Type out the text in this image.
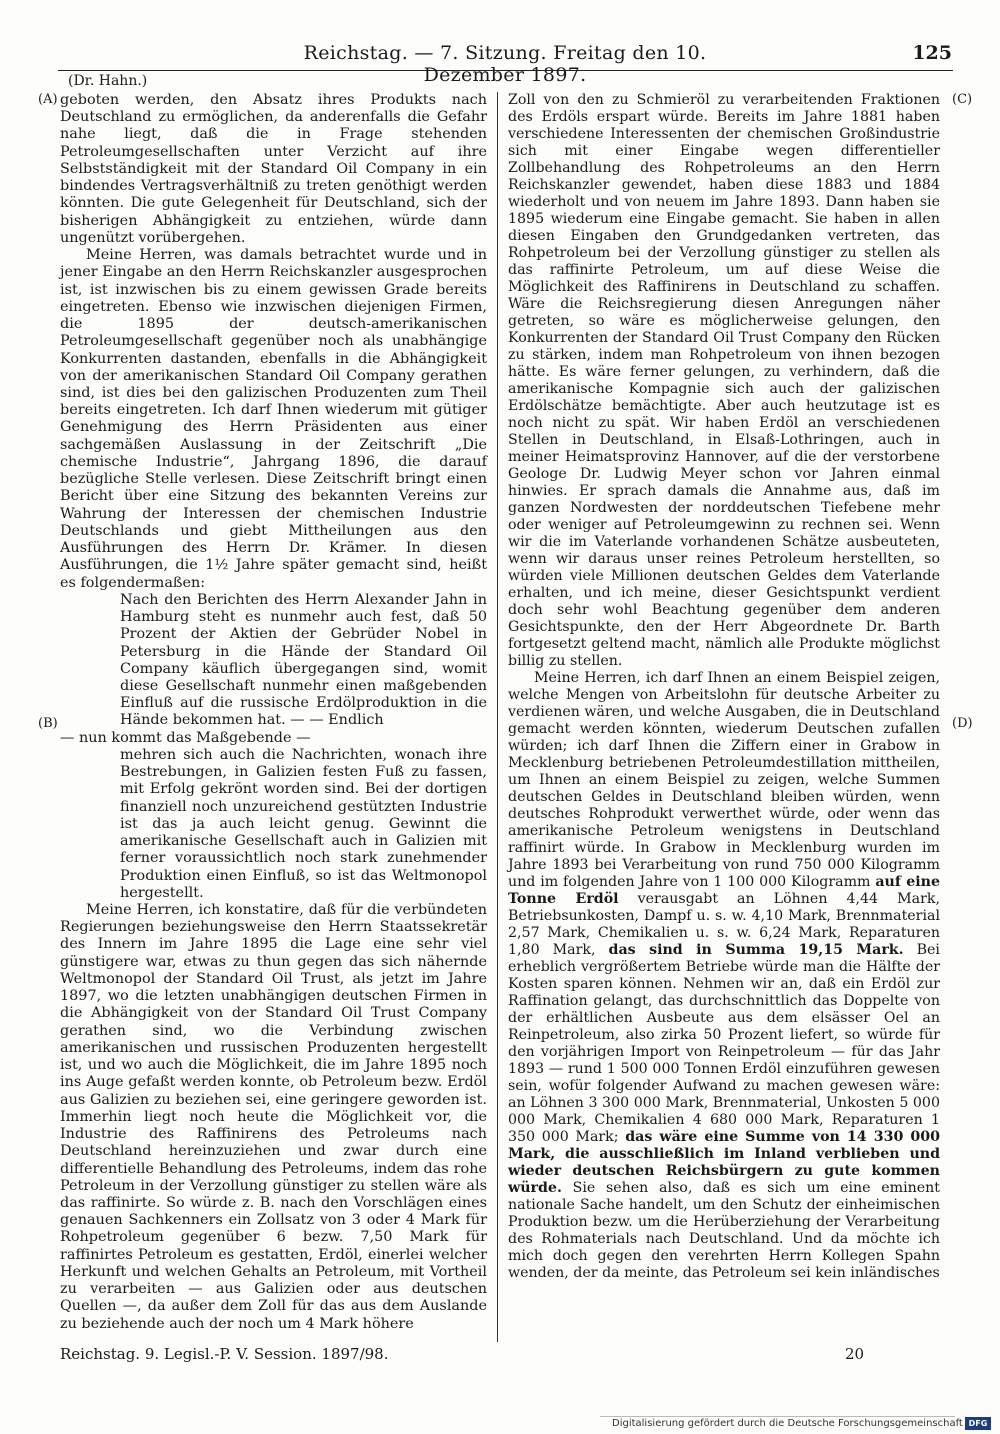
Reichstag. — 7. Sitzung. Freitag den 10. Dezember 1897.
125
(Dr. Hahn.)
(A)
(B)
(C)
(D)

geboten werden, den Absatz ihres Produkts nach Deutschland zu ermöglichen, da anderenfalls die Gefahr nahe liegt, daß die in Frage stehenden Petroleumgesellschaften unter Verzicht auf ihre Selbstständigkeit mit der Standard Oil Company in ein bindendes Vertragsverhältniß zu treten genöthigt werden könnten. Die gute Gelegenheit für Deutschland, sich der bisherigen Abhängigkeit zu entziehen, würde dann ungenützt vorübergehen.

Meine Herren, was damals betrachtet wurde und in jener Eingabe an den Herrn Reichskanzler ausgesprochen ist, ist inzwischen bis zu einem gewissen Grade bereits eingetreten. Ebenso wie inzwischen diejenigen Firmen, die 1895 der deutsch-amerikanischen Petroleumgesellschaft gegenüber noch als unabhängige Konkurrenten dastanden, ebenfalls in die Abhängigkeit von der amerikanischen Standard Oil Company gerathen sind, ist dies bei den galizischen Produzenten zum Theil bereits eingetreten. Ich darf Ihnen wiederum mit gütiger Genehmigung des Herrn Präsidenten aus einer sachgemäßen Auslassung in der Zeitschrift „Die chemische Industrie“, Jahrgang 1896, die darauf bezügliche Stelle verlesen. Diese Zeitschrift bringt einen Bericht über eine Sitzung des bekannten Vereins zur Wahrung der Interessen der chemischen Industrie Deutschlands und giebt Mittheilungen aus den Ausführungen des Herrn Dr. Krämer. In diesen Ausführungen, die 1½ Jahre später gemacht sind, heißt es folgendermaßen:

Nach den Berichten des Herrn Alexander Jahn in Hamburg steht es nunmehr auch fest, daß 50 Prozent der Aktien der Gebrüder Nobel in Petersburg in die Hände der Standard Oil Company käuflich übergegangen sind, womit diese Gesellschaft nunmehr einen maßgebenden Einfluß auf die russische Erdölproduktion in die Hände bekommen hat. — — Endlich

— nun kommt das Maßgebende —

mehren sich auch die Nachrichten, wonach ihre Bestrebungen, in Galizien festen Fuß zu fassen, mit Erfolg gekrönt worden sind. Bei der dortigen finanziell noch unzureichend gestützten Industrie ist das ja auch leicht genug. Gewinnt die amerikanische Gesellschaft auch in Galizien mit ferner voraussichtlich noch stark zunehmender Produktion einen Einfluß, so ist das Weltmonopol hergestellt.

Meine Herren, ich konstatire, daß für die verbündeten Regierungen beziehungsweise den Herrn Staatssekretär des Innern im Jahre 1895 die Lage eine sehr viel günstigere war, etwas zu thun gegen das sich nähernde Weltmonopol der Standard Oil Trust, als jetzt im Jahre 1897, wo die letzten unabhängigen deutschen Firmen in die Abhängigkeit von der Standard Oil Trust Company gerathen sind, wo die Verbindung zwischen amerikanischen und russischen Produzenten hergestellt ist, und wo auch die Möglichkeit, die im Jahre 1895 noch ins Auge gefaßt werden konnte, ob Petroleum bezw. Erdöl aus Galizien zu beziehen sei, eine geringere geworden ist. Immerhin liegt noch heute die Möglichkeit vor, die Industrie des Raffinirens des Petroleums nach Deutschland hereinzuziehen und zwar durch eine differentielle Behandlung des Petroleums, indem das rohe Petroleum in der Verzollung günstiger zu stellen wäre als das raffinirte. So würde z. B. nach den Vorschlägen eines genauen Sachkenners ein Zollsatz von 3 oder 4 Mark für Rohpetroleum gegenüber 6 bezw. 7,50 Mark für raffinirtes Petroleum es gestatten, Erdöl, einerlei welcher Herkunft und welchen Gehalts an Petroleum, mit Vortheil zu verarbeiten — aus Galizien oder aus deutschen Quellen —, da außer dem Zoll für das aus dem Auslande zu beziehende auch der noch um 4 Mark höhere

Zoll von den zu Schmieröl zu verarbeitenden Fraktionen des Erdöls erspart würde. Bereits im Jahre 1881 haben verschiedene Interessenten der chemischen Großindustrie sich mit einer Eingabe wegen differentieller Zollbehandlung des Rohpetroleums an den Herrn Reichskanzler gewendet, haben diese 1883 und 1884 wiederholt und von neuem im Jahre 1893. Dann haben sie 1895 wiederum eine Eingabe gemacht. Sie haben in allen diesen Eingaben den Grundgedanken vertreten, das Rohpetroleum bei der Verzollung günstiger zu stellen als das raffinirte Petroleum, um auf diese Weise die Möglichkeit des Raffinirens in Deutschland zu schaffen. Wäre die Reichsregierung diesen Anregungen näher getreten, so wäre es möglicherweise gelungen, den Konkurrenten der Standard Oil Trust Company den Rücken zu stärken, indem man Rohpetroleum von ihnen bezogen hätte. Es wäre ferner gelungen, zu verhindern, daß die amerikanische Kompagnie sich auch der galizischen Erdölschätze bemächtigte. Aber auch heutzutage ist es noch nicht zu spät. Wir haben Erdöl an verschiedenen Stellen in Deutschland, in Elsaß-Lothringen, auch in meiner Heimatsprovinz Hannover, auf die der verstorbene Geologe Dr. Ludwig Meyer schon vor Jahren einmal hinwies. Er sprach damals die Annahme aus, daß im ganzen Nordwesten der norddeutschen Tiefebene mehr oder weniger auf Petroleumgewinn zu rechnen sei. Wenn wir die im Vaterlande vorhandenen Schätze ausbeuteten, wenn wir daraus unser reines Petroleum herstellten, so würden viele Millionen deutschen Geldes dem Vaterlande erhalten, und ich meine, dieser Gesichtspunkt verdient doch sehr wohl Beachtung gegenüber dem anderen Gesichtspunkte, den der Herr Abgeordnete Dr. Barth fortgesetzt geltend macht, nämlich alle Produkte möglichst billig zu stellen.

Meine Herren, ich darf Ihnen an einem Beispiel zeigen, welche Mengen von Arbeitslohn für deutsche Arbeiter zu verdienen wären, und welche Ausgaben, die in Deutschland gemacht werden könnten, wiederum Deutschen zufallen würden; ich darf Ihnen die Ziffern einer in Grabow in Mecklenburg betriebenen Petroleumdestillation mittheilen, um Ihnen an einem Beispiel zu zeigen, welche Summen deutschen Geldes in Deutschland bleiben würden, wenn deutsches Rohprodukt verwerthet würde, oder wenn das amerikanische Petroleum wenigstens in Deutschland raffinirt würde. In Grabow in Mecklenburg wurden im Jahre 1893 bei Verarbeitung von rund 750 000 Kilogramm und im folgenden Jahre von 1 100 000 Kilogramm auf eine Tonne Erdöl verausgabt an Löhnen 4,44 Mark, Betriebsunkosten, Dampf u. s. w. 4,10 Mark, Brennmaterial 2,57 Mark, Chemikalien u. s. w. 6,24 Mark, Reparaturen 1,80 Mark, das sind in Summa 19,15 Mark. Bei erheblich vergrößertem Betriebe würde man die Hälfte der Kosten sparen können. Nehmen wir an, daß ein Erdöl zur Raffination gelangt, das durchschnittlich das Doppelte von der erhältlichen Ausbeute aus dem elsässer Oel an Reinpetroleum, also zirka 50 Prozent liefert, so würde für den vorjährigen Import von Reinpetroleum — für das Jahr 1893 — rund 1 500 000 Tonnen Erdöl einzuführen gewesen sein, wofür folgender Aufwand zu machen gewesen wäre: an Löhnen 3 300 000 Mark, Brennmaterial, Unkosten 5 000 000 Mark, Chemikalien 4 680 000 Mark, Reparaturen 1 350 000 Mark; das wäre eine Summe von 14 330 000 Mark, die ausschließlich im Inland verblieben und wieder deutschen Reichsbürgern zu gute kommen würde. Sie sehen also, daß es sich um eine eminent nationale Sache handelt, um den Schutz der einheimischen Produktion bezw. um die Herüberziehung der Verarbeitung des Rohmaterials nach Deutschland. Und da möchte ich mich doch gegen den verehrten Herrn Kollegen Spahn wenden, der da meinte, das Petroleum sei kein inländisches

Reichstag. 9. Legisl.-P. V. Session. 1897/98.	20
Digitalisierung gefördert durch die Deutsche Forschungsgemeinschaft DFG
